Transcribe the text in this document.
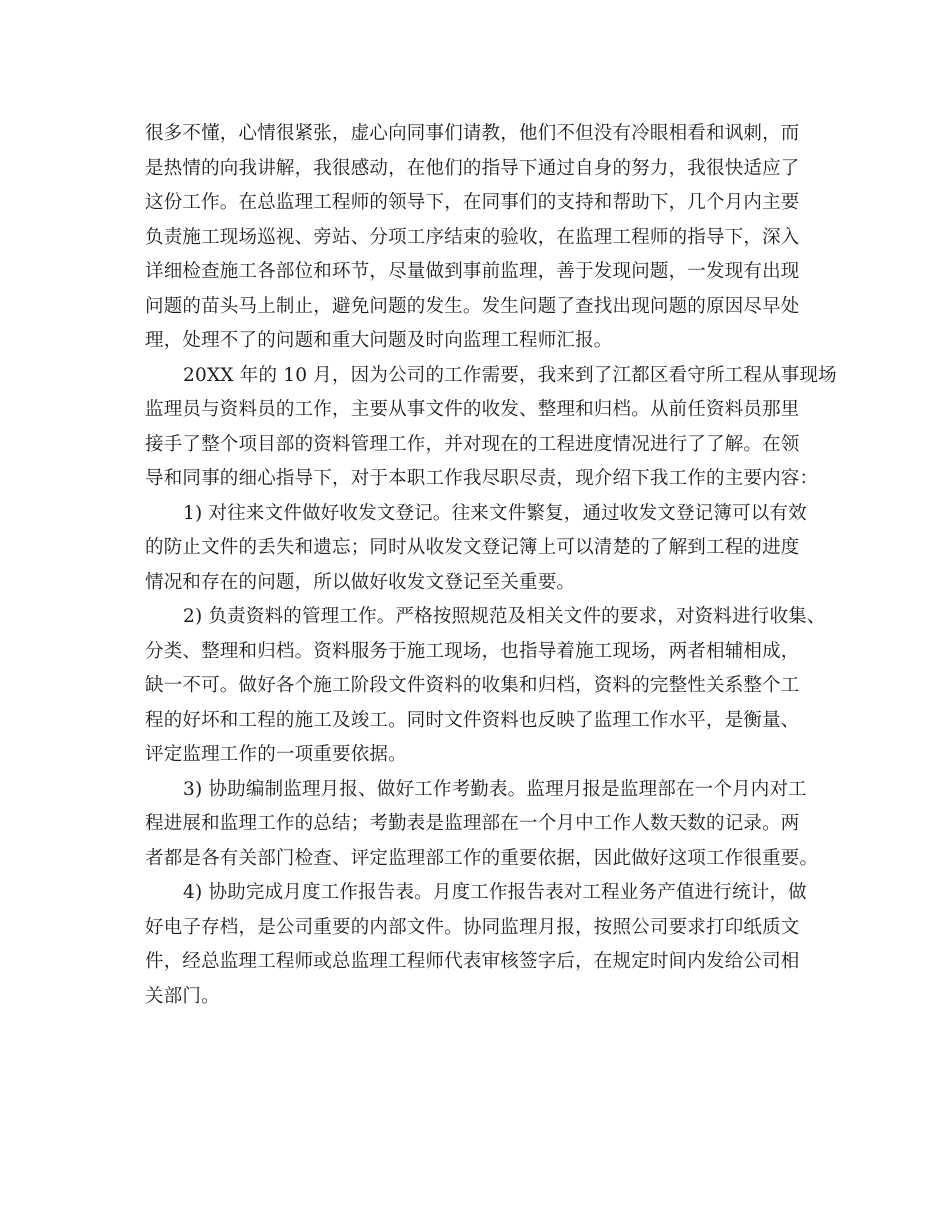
很多不懂，心情很紧张，虚心向同事们请教，他们不但没有冷眼相看和讽刺，而
是热情的向我讲解，我很感动，在他们的指导下通过自身的努力，我很快适应了
这份工作。在总监理工程师的领导下，在同事们的支持和帮助下，几个月内主要
负责施工现场巡视、旁站、分项工序结束的验收，在监理工程师的指导下，深入
详细检查施工各部位和环节，尽量做到事前监理，善于发现问题，一发现有出现
问题的苗头马上制止，避免问题的发生。发生问题了查找出现问题的原因尽早处
理，处理不了的问题和重大问题及时向监理工程师汇报。
20XX 年的 10 月，因为公司的工作需要，我来到了江都区看守所工程从事现场
监理员与资料员的工作，主要从事文件的收发、整理和归档。从前任资料员那里
接手了整个项目部的资料管理工作，并对现在的工程进度情况进行了了解。在领
导和同事的细心指导下，对于本职工作我尽职尽责，现介绍下我工作的主要内容：
1) 对往来文件做好收发文登记。往来文件繁复，通过收发文登记簿可以有效
的防止文件的丢失和遗忘；同时从收发文登记簿上可以清楚的了解到工程的进度
情况和存在的问题，所以做好收发文登记至关重要。
2) 负责资料的管理工作。严格按照规范及相关文件的要求，对资料进行收集、
分类、整理和归档。资料服务于施工现场，也指导着施工现场，两者相辅相成，
缺一不可。做好各个施工阶段文件资料的收集和归档，资料的完整性关系整个工
程的好坏和工程的施工及竣工。同时文件资料也反映了监理工作水平，是衡量、
评定监理工作的一项重要依据。
3) 协助编制监理月报、做好工作考勤表。监理月报是监理部在一个月内对工
程进展和监理工作的总结；考勤表是监理部在一个月中工作人数天数的记录。两
者都是各有关部门检查、评定监理部工作的重要依据，因此做好这项工作很重要。
4) 协助完成月度工作报告表。月度工作报告表对工程业务产值进行统计，做
好电子存档，是公司重要的内部文件。协同监理月报，按照公司要求打印纸质文
件，经总监理工程师或总监理工程师代表审核签字后，在规定时间内发给公司相
关部门。
